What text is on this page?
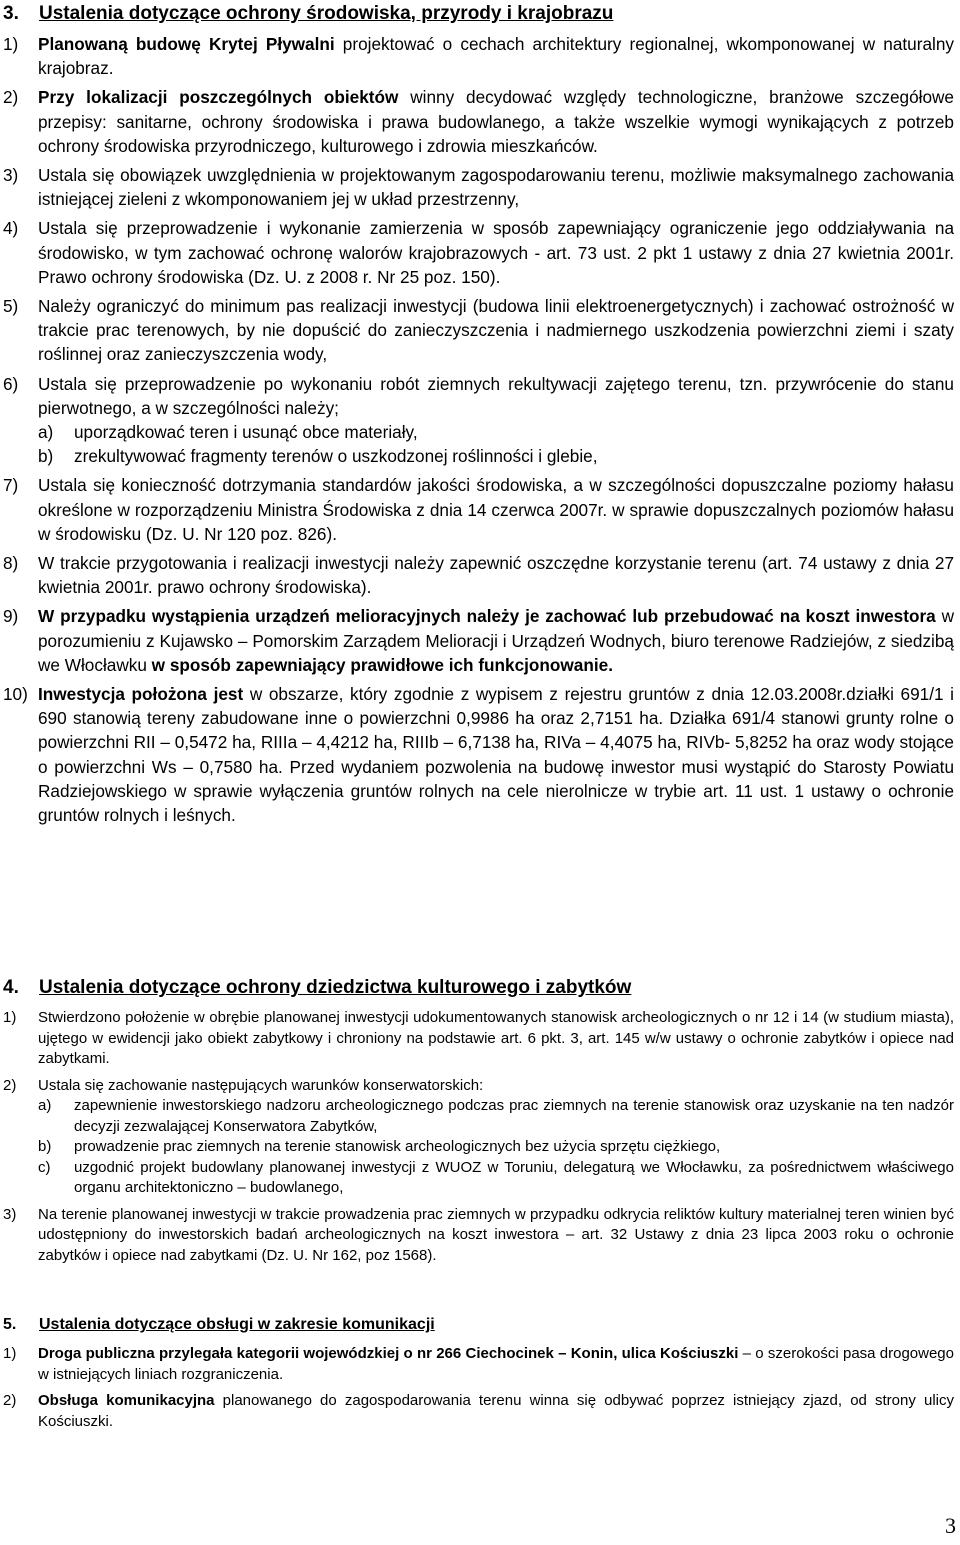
3. Ustalenia dotyczące ochrony środowiska, przyrody i krajobrazu
1) Planowaną budowę Krytej Pływalni projektować o cechach architektury regionalnej, wkomponowanej w naturalny krajobraz.
2) Przy lokalizacji poszczególnych obiektów winny decydować względy technologiczne, branżowe szczegółowe przepisy: sanitarne, ochrony środowiska i prawa budowlanego, a także wszelkie wymogi wynikających z potrzeb ochrony środowiska przyrodniczego, kulturowego i zdrowia mieszkańców.
3) Ustala się obowiązek uwzględnienia w projektowanym zagospodarowaniu terenu, możliwie maksymalnego zachowania istniejącej zieleni z wkomponowaniem jej w układ przestrzenny,
4) Ustala się przeprowadzenie i wykonanie zamierzenia w sposób zapewniający ograniczenie jego oddziaływania na środowisko, w tym zachować ochronę walorów krajobrazowych - art. 73 ust. 2 pkt 1 ustawy z dnia 27 kwietnia 2001r. Prawo ochrony środowiska (Dz. U. z 2008 r. Nr 25 poz. 150).
5) Należy ograniczyć do minimum pas realizacji inwestycji (budowa linii elektroenergetycznych) i zachować ostrożność w trakcie prac terenowych, by nie dopuścić do zanieczyszczenia i nadmiernego uszkodzenia powierzchni ziemi i szaty roślinnej oraz zanieczyszczenia wody,
6) Ustala się przeprowadzenie po wykonaniu robót ziemnych rekultywacji zajętego terenu, tzn. przywrócenie do stanu pierwotnego, a w szczególności należy;
a) uporządkować teren i usunąć obce materiały,
b) zrekultywować fragmenty terenów o uszkodzonej roślinności i glebie,
7) Ustala się konieczność dotrzymania standardów jakości środowiska, a w szczególności dopuszczalne poziomy hałasu określone w rozporządzeniu Ministra Środowiska z dnia 14 czerwca 2007r. w sprawie dopuszczalnych poziomów hałasu w środowisku (Dz. U. Nr 120 poz. 826).
8) W trakcie przygotowania i realizacji inwestycji należy zapewnić oszczędne korzystanie terenu (art. 74 ustawy z dnia 27 kwietnia 2001r. prawo ochrony środowiska).
9) W przypadku wystąpienia urządzeń melioracyjnych należy je zachować lub przebudować na koszt inwestora w porozumieniu z Kujawsko – Pomorskim Zarządem Melioracji i Urządzeń Wodnych, biuro terenowe Radziejów, z siedzibą we Włocławku w sposób zapewniający prawidłowe ich funkcjonowanie.
10) Inwestycja położona jest w obszarze, który zgodnie z wypisem z rejestru gruntów z dnia 12.03.2008r.działki 691/1 i 690 stanowią tereny zabudowane inne o powierzchni 0,9986 ha oraz 2,7151 ha. Działka 691/4 stanowi grunty rolne o powierzchni RII – 0,5472 ha, RIIIa – 4,4212 ha, RIIIb – 6,7138 ha, RIVa – 4,4075 ha, RIVb- 5,8252 ha oraz wody stojące o powierzchni Ws – 0,7580 ha. Przed wydaniem pozwolenia na budowę inwestor musi wystąpić do Starosty Powiatu Radziejowskiego w sprawie wyłączenia gruntów rolnych na cele nierolnicze w trybie art. 11 ust. 1 ustawy o ochronie gruntów rolnych i leśnych.
4. Ustalenia dotyczące ochrony dziedzictwa kulturowego i zabytków
1) Stwierdzono położenie w obrębie planowanej inwestycji udokumentowanych stanowisk archeologicznych o nr 12 i 14 (w studium miasta), ujętego w ewidencji jako obiekt zabytkowy i chroniony na podstawie art. 6 pkt. 3, art. 145 w/w ustawy o ochronie zabytków i opiece nad zabytkami.
2) Ustala się zachowanie następujących warunków konserwatorskich:
a) zapewnienie inwestorskiego nadzoru archeologicznego podczas prac ziemnych na terenie stanowisk oraz uzyskanie na ten nadzór decyzji zezwalającej Konserwatora Zabytków,
b) prowadzenie prac ziemnych na terenie stanowisk archeologicznych bez użycia sprzętu ciężkiego,
c) uzgodnić projekt budowlany planowanej inwestycji z WUOZ w Toruniu, delegaturą we Włocławku, za pośrednictwem właściwego organu architektoniczno – budowlanego,
3) Na terenie planowanej inwestycji w trakcie prowadzenia prac ziemnych w przypadku odkrycia reliktów kultury materialnej teren winien być udostępniony do inwestorskich badań archeologicznych na koszt inwestora – art. 32 Ustawy z dnia 23 lipca 2003 roku o ochronie zabytków i opiece nad zabytkami (Dz. U. Nr 162, poz 1568).
5. Ustalenia dotyczące obsługi w zakresie komunikacji
1) Droga publiczna przylegała kategorii wojewódzkiej o nr 266 Ciechocinek – Konin, ulica Kościuszki – o szerokości pasa drogowego w istniejących liniach rozgraniczenia.
2) Obsługa komunikacyjna planowanego do zagospodarowania terenu winna się odbywać poprzez istniejący zjazd, od strony ulicy Kościuszki.
3
